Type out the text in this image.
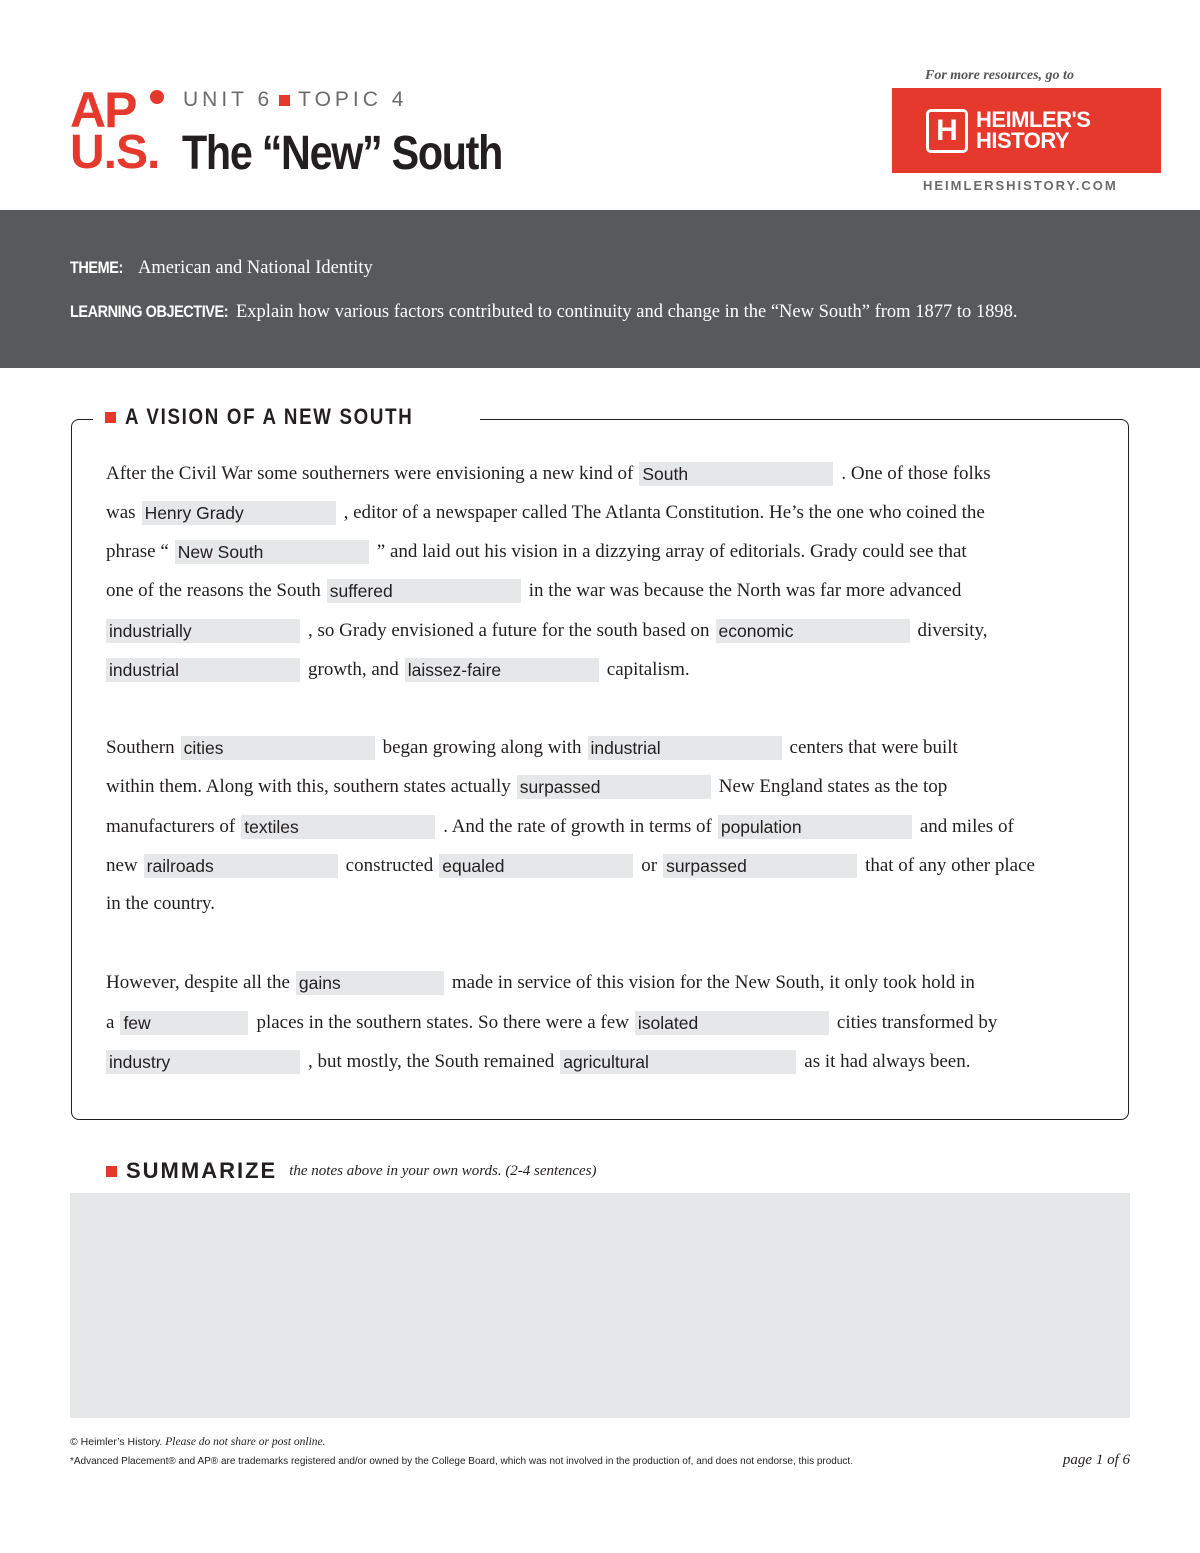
AP
U.S.
UNIT 6 TOPIC 4
The “New” South
For more resources, go to
H HEIMLER'S
HISTORY
HEIMLERSHISTORY.COM
THEME: American and National Identity
LEARNING OBJECTIVE: Explain how various factors contributed to continuity and change in the “New South” from 1877 to 1898.
A VISION OF A NEW SOUTH
After the Civil War some southerners were envisioning a new kind of South	. One of those folks
was Henry Grady	, editor of a newspaper called The Atlanta Constitution. He’s the one who coined the
phrase “ New South	” and laid out his vision in a dizzying array of editorials. Grady could see that
one of the reasons the South suffered	in the war was because the North was far more advanced
industrially	, so Grady envisioned a future for the south based on economic	diversity,
industrial	growth, and laissez-faire	capitalism.
Southern cities	began growing along with industrial	centers that were built
within them. Along with this, southern states actually surpassed	New England states as the top
manufacturers of textiles	. And the rate of growth in terms of population	and miles of
new railroads	constructed equaled	or surpassed	that of any other place
in the country.
However, despite all the gains	made in service of this vision for the New South, it only took hold in
a few	places in the southern states. So there were a few isolated	cities transformed by
industry	, but mostly, the South remained agricultural	as it had always been.
SUMMARIZE the notes above in your own words. (2-4 sentences)
© Heimler’s History. Please do not share or post online.
*Advanced Placement® and AP® are trademarks registered and/or owned by the College Board, which was not involved in the production of, and does not endorse, this product.	page 1 of 6
